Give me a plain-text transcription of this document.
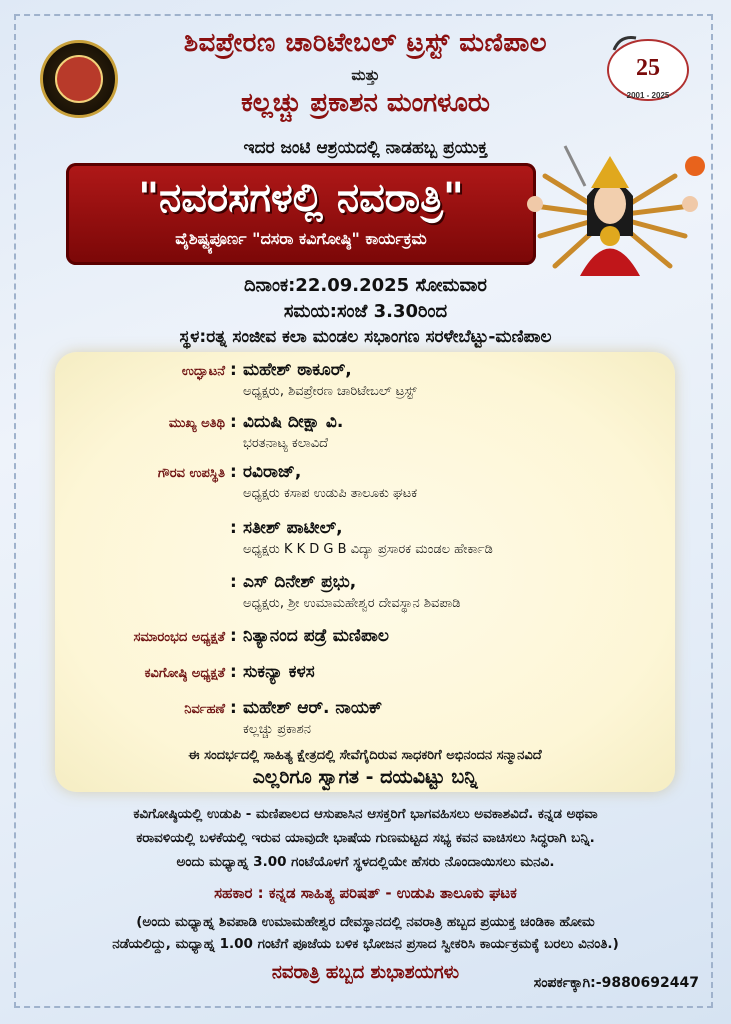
25
2001 - 2025
ಶಿವಪ್ರೇರಣ ಚಾರಿಟೇಬಲ್ ಟ್ರಸ್ಟ್ ಮಣಿಪಾಲ
ಮತ್ತು
ಕಲ್ಲಚ್ಚು ಪ್ರಕಾಶನ ಮಂಗಳೂರು
ಇದರ ಜಂಟಿ ಆಶ್ರಯದಲ್ಲಿ ನಾಡಹಬ್ಬ ಪ್ರಯುಕ್ತ
"ನವರಸಗಳಲ್ಲಿ ನವರಾತ್ರಿ"
ವೈಶಿಷ್ಟ್ಯಪೂರ್ಣ "ದಸರಾ ಕವಿಗೋಷ್ಠಿ" ಕಾರ್ಯಕ್ರಮ
ದಿನಾಂಕ:22.09.2025 ಸೋಮವಾರ
ಸಮಯ:ಸಂಜೆ 3.30ರಿಂದ
ಸ್ಥಳ:ರತ್ನ ಸಂಜೀವ ಕಲಾ ಮಂಡಲ ಸಭಾಂಗಣ ಸರಳೇಬೆಟ್ಟು-ಮಣಿಪಾಲ
ಉದ್ಘಾಟನೆ : ಮಹೇಶ್ ಠಾಕೂರ್,
ಅಧ್ಯಕ್ಷರು, ಶಿವಪ್ರೇರಣ ಚಾರಿಟೇಬಲ್ ಟ್ರಸ್ಟ್
ಮುಖ್ಯ ಅತಿಥಿ : ವಿದುಷಿ ದೀಕ್ಷಾ ವಿ.
ಭರತನಾಟ್ಯ ಕಲಾವಿದೆ
ಗೌರವ ಉಪಸ್ಥಿತಿ : ರವಿರಾಜ್,
ಅಧ್ಯಕ್ಷರು ಕಸಾಪ ಉಡುಪಿ ತಾಲೂಕು ಘಟಕ
: ಸತೀಶ್ ಪಾಟೀಲ್,
ಅಧ್ಯಕ್ಷರು K K D G B ವಿದ್ಯಾ ಪ್ರಸಾರಕ ಮಂಡಲ ಹೇರ್ಕಾಡಿ
: ಎಸ್ ದಿನೇಶ್ ಪ್ರಭು,
ಅಧ್ಯಕ್ಷರು, ಶ್ರೀ ಉಮಾಮಹೇಶ್ವರ ದೇವಸ್ಥಾನ ಶಿವಪಾಡಿ
ಸಮಾರಂಭದ ಅಧ್ಯಕ್ಷತೆ : ನಿತ್ಯಾನಂದ ಪಡ್ರೆ ಮಣಿಪಾಲ
ಕವಿಗೋಷ್ಠಿ ಅಧ್ಯಕ್ಷತೆ : ಸುಕನ್ಯಾ ಕಳಸ
ನಿರ್ವಹಣೆ : ಮಹೇಶ್ ಆರ್. ನಾಯಕ್
ಕಲ್ಲಚ್ಚು ಪ್ರಕಾಶನ
ಈ ಸಂದರ್ಭದಲ್ಲಿ ಸಾಹಿತ್ಯ ಕ್ಷೇತ್ರದಲ್ಲಿ ಸೇವೆಗೈದಿರುವ ಸಾಧಕರಿಗೆ ಅಭಿನಂದನ ಸನ್ಮಾನವಿದೆ
ಎಲ್ಲರಿಗೂ ಸ್ವಾಗತ - ದಯವಿಟ್ಟು ಬನ್ನಿ
ಕವಿಗೋಷ್ಠಿಯಲ್ಲಿ ಉಡುಪಿ - ಮಣಿಪಾಲದ ಆಸುಪಾಸಿನ ಆಸಕ್ತರಿಗೆ ಭಾಗವಹಿಸಲು ಅವಕಾಶವಿದೆ. ಕನ್ನಡ ಅಥವಾ
ಕರಾವಳಿಯಲ್ಲಿ ಬಳಕೆಯಲ್ಲಿ ಇರುವ ಯಾವುದೇ ಭಾಷೆಯ ಗುಣಮಟ್ಟದ ಸಭ್ಯ ಕವನ ವಾಚಿಸಲು ಸಿದ್ಧರಾಗಿ ಬನ್ನಿ.
ಅಂದು ಮಧ್ಯಾಹ್ನ 3.00 ಗಂಟೆಯೊಳಗೆ ಸ್ಥಳದಲ್ಲಿಯೇ ಹೆಸರು ನೊಂದಾಯಿಸಲು ಮನವಿ.
ಸಹಕಾರ : ಕನ್ನಡ ಸಾಹಿತ್ಯ ಪರಿಷತ್ - ಉಡುಪಿ ತಾಲೂಕು ಘಟಕ
(ಅಂದು ಮಧ್ಯಾಹ್ನ ಶಿವಪಾಡಿ ಉಮಾಮಹೇಶ್ವರ ದೇವಸ್ಥಾನದಲ್ಲಿ ನವರಾತ್ರಿ ಹಬ್ಬದ ಪ್ರಯುಕ್ತ ಚಂಡಿಕಾ ಹೋಮ
ನಡೆಯಲಿದ್ದು, ಮಧ್ಯಾಹ್ನ 1.00 ಗಂಟೆಗೆ ಪೂಜೆಯ ಬಳಿಕ ಭೋಜನ ಪ್ರಸಾದ ಸ್ವೀಕರಿಸಿ ಕಾರ್ಯಕ್ರಮಕ್ಕೆ ಬರಲು ವಿನಂತಿ.)
ನವರಾತ್ರಿ ಹಬ್ಬದ ಶುಭಾಶಯಗಳು	ಸಂಪರ್ಕಕ್ಕಾಗಿ:-9880692447
